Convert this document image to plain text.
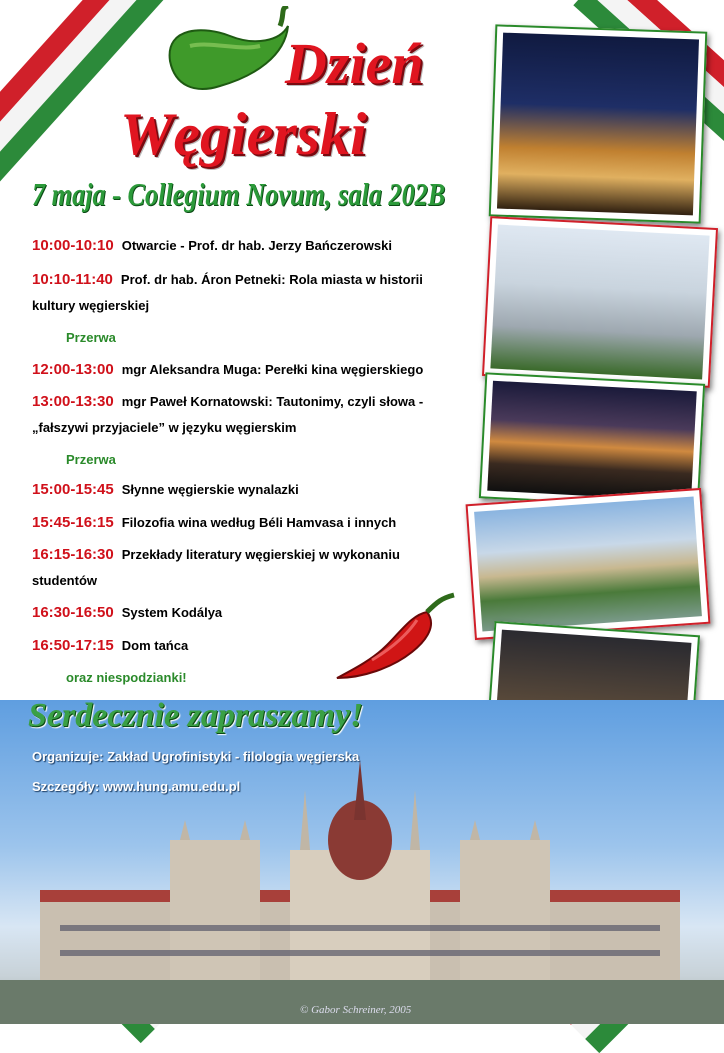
Dzień
Węgierski
7 maja - Collegium Novum, sala 202B
10:00-10:10 Otwarcie - Prof. dr hab. Jerzy Bańczerowski
10:10-11:40 Prof. dr hab. Áron Petneki: Rola miasta w historii
kultury węgierskiej
Przerwa
12:00-13:00 mgr Aleksandra Muga: Perełki kina węgierskiego
13:00-13:30 mgr Paweł Kornatowski: Tautonimy, czyli słowa -
„fałszywi przyjaciele” w języku węgierskim
Przerwa
15:00-15:45 Słynne węgierskie wynalazki
15:45-16:15 Filozofia wina według Béli Hamvasa i innych
16:15-16:30 Przekłady literatury węgierskiej w wykonaniu
studentów
16:30-16:50 System Kodálya
16:50-17:15 Dom tańca
oraz niespodzianki!
Serdecznie zapraszamy!
Organizuje: Zakład Ugrofinistyki - filologia węgierska
Szczegóły: www.hung.amu.edu.pl
© Gabor Schreiner, 2005
